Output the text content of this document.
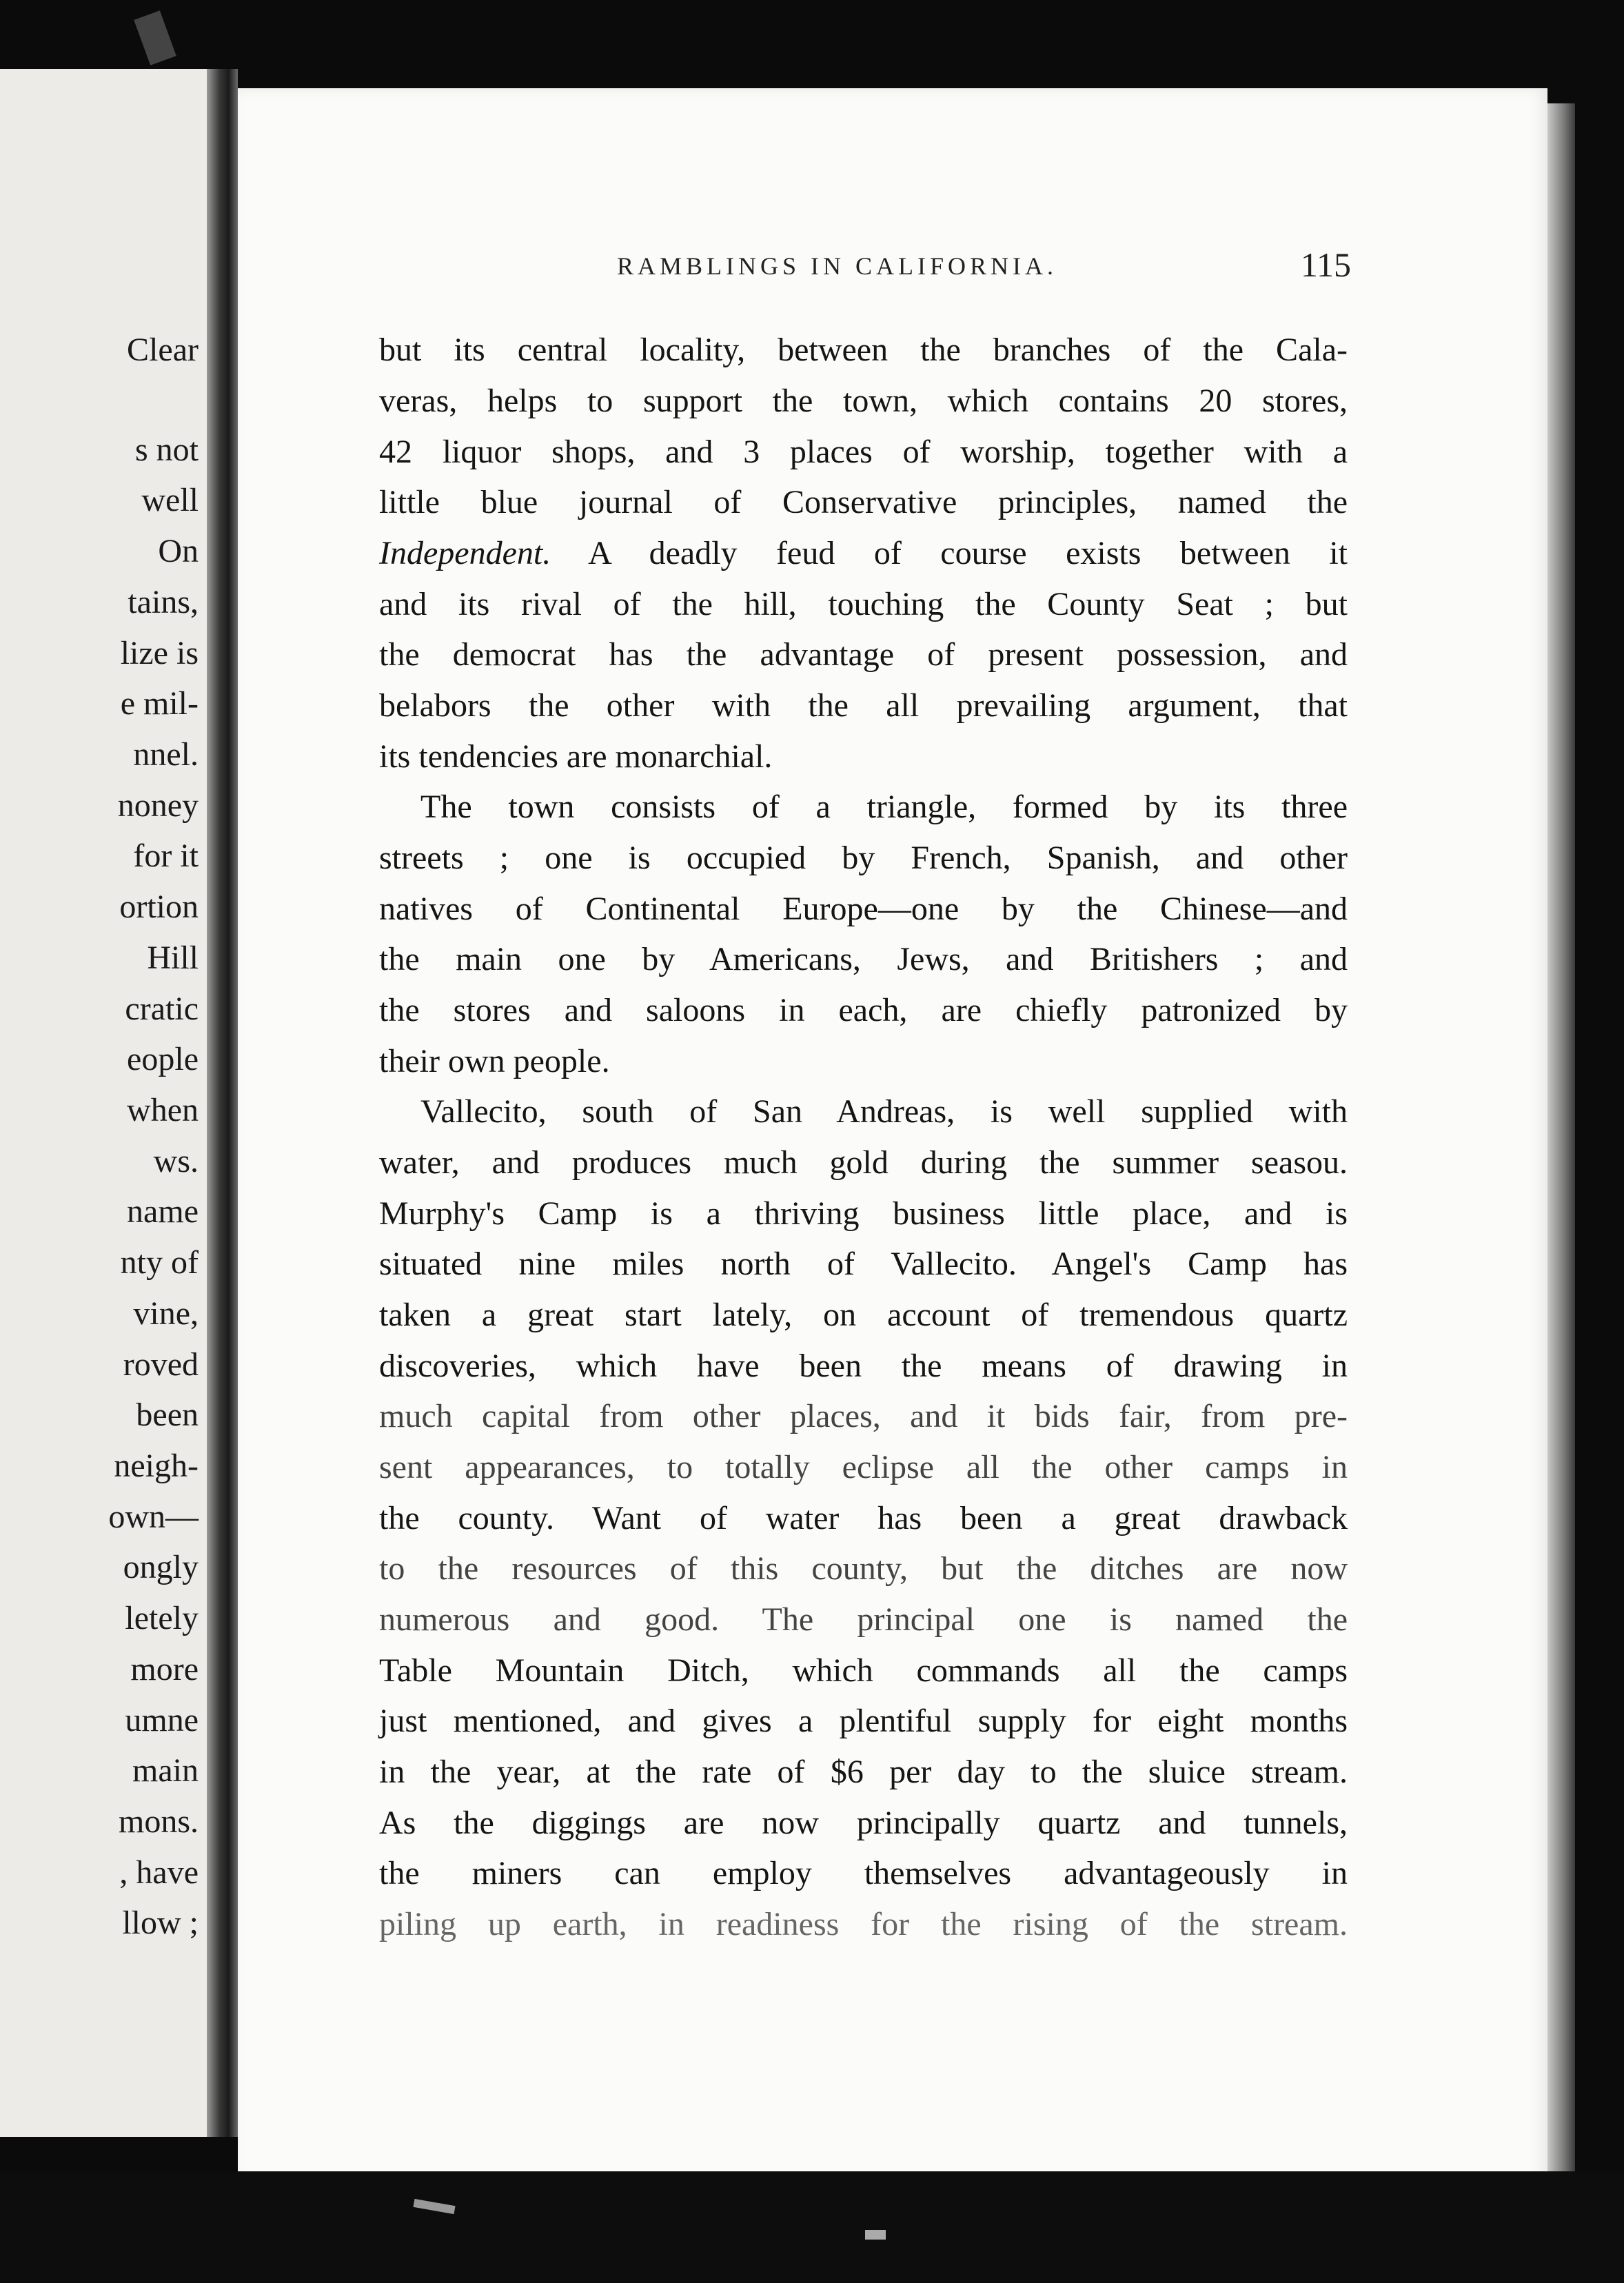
Clear
s not
well
On
tains,
lize is
e mil-
nnel.
noney
for it
ortion
Hill
cratic
eople
when
ws.
name
nty of
vine,
roved
been
neigh-
own—
ongly
letely
more
umne
main
mons.
, have
llow ;
RAMBLINGS IN CALIFORNIA.	115
but its central locality, between the branches of the Cala-
veras, helps to support the town, which contains 20 stores,
42 liquor shops, and 3 places of worship, together with a
little blue journal of Conservative principles, named the
Independent. A deadly feud of course exists between it
and its rival of the hill, touching the County Seat ; but
the democrat has the advantage of present possession, and
belabors the other with the all prevailing argument, that
its tendencies are monarchial.
The town consists of a triangle, formed by its three
streets ; one is occupied by French, Spanish, and other
natives of Continental Europe—one by the Chinese—and
the main one by Americans, Jews, and Britishers ; and
the stores and saloons in each, are chiefly patronized by
their own people.
Vallecito, south of San Andreas, is well supplied with
water, and produces much gold during the summer seasou.
Murphy's Camp is a thriving business little place, and is
situated nine miles north of Vallecito. Angel's Camp has
taken a great start lately, on account of tremendous quartz
discoveries, which have been the means of drawing in
much capital from other places, and it bids fair, from pre-
sent appearances, to totally eclipse all the other camps in
the county. Want of water has been a great drawback
to the resources of this county, but the ditches are now
numerous and good. The principal one is named the
Table Mountain Ditch, which commands all the camps
just mentioned, and gives a plentiful supply for eight months
in the year, at the rate of $6 per day to the sluice stream.
As the diggings are now principally quartz and tunnels,
the miners can employ themselves advantageously in
piling up earth, in readiness for the rising of the stream.
